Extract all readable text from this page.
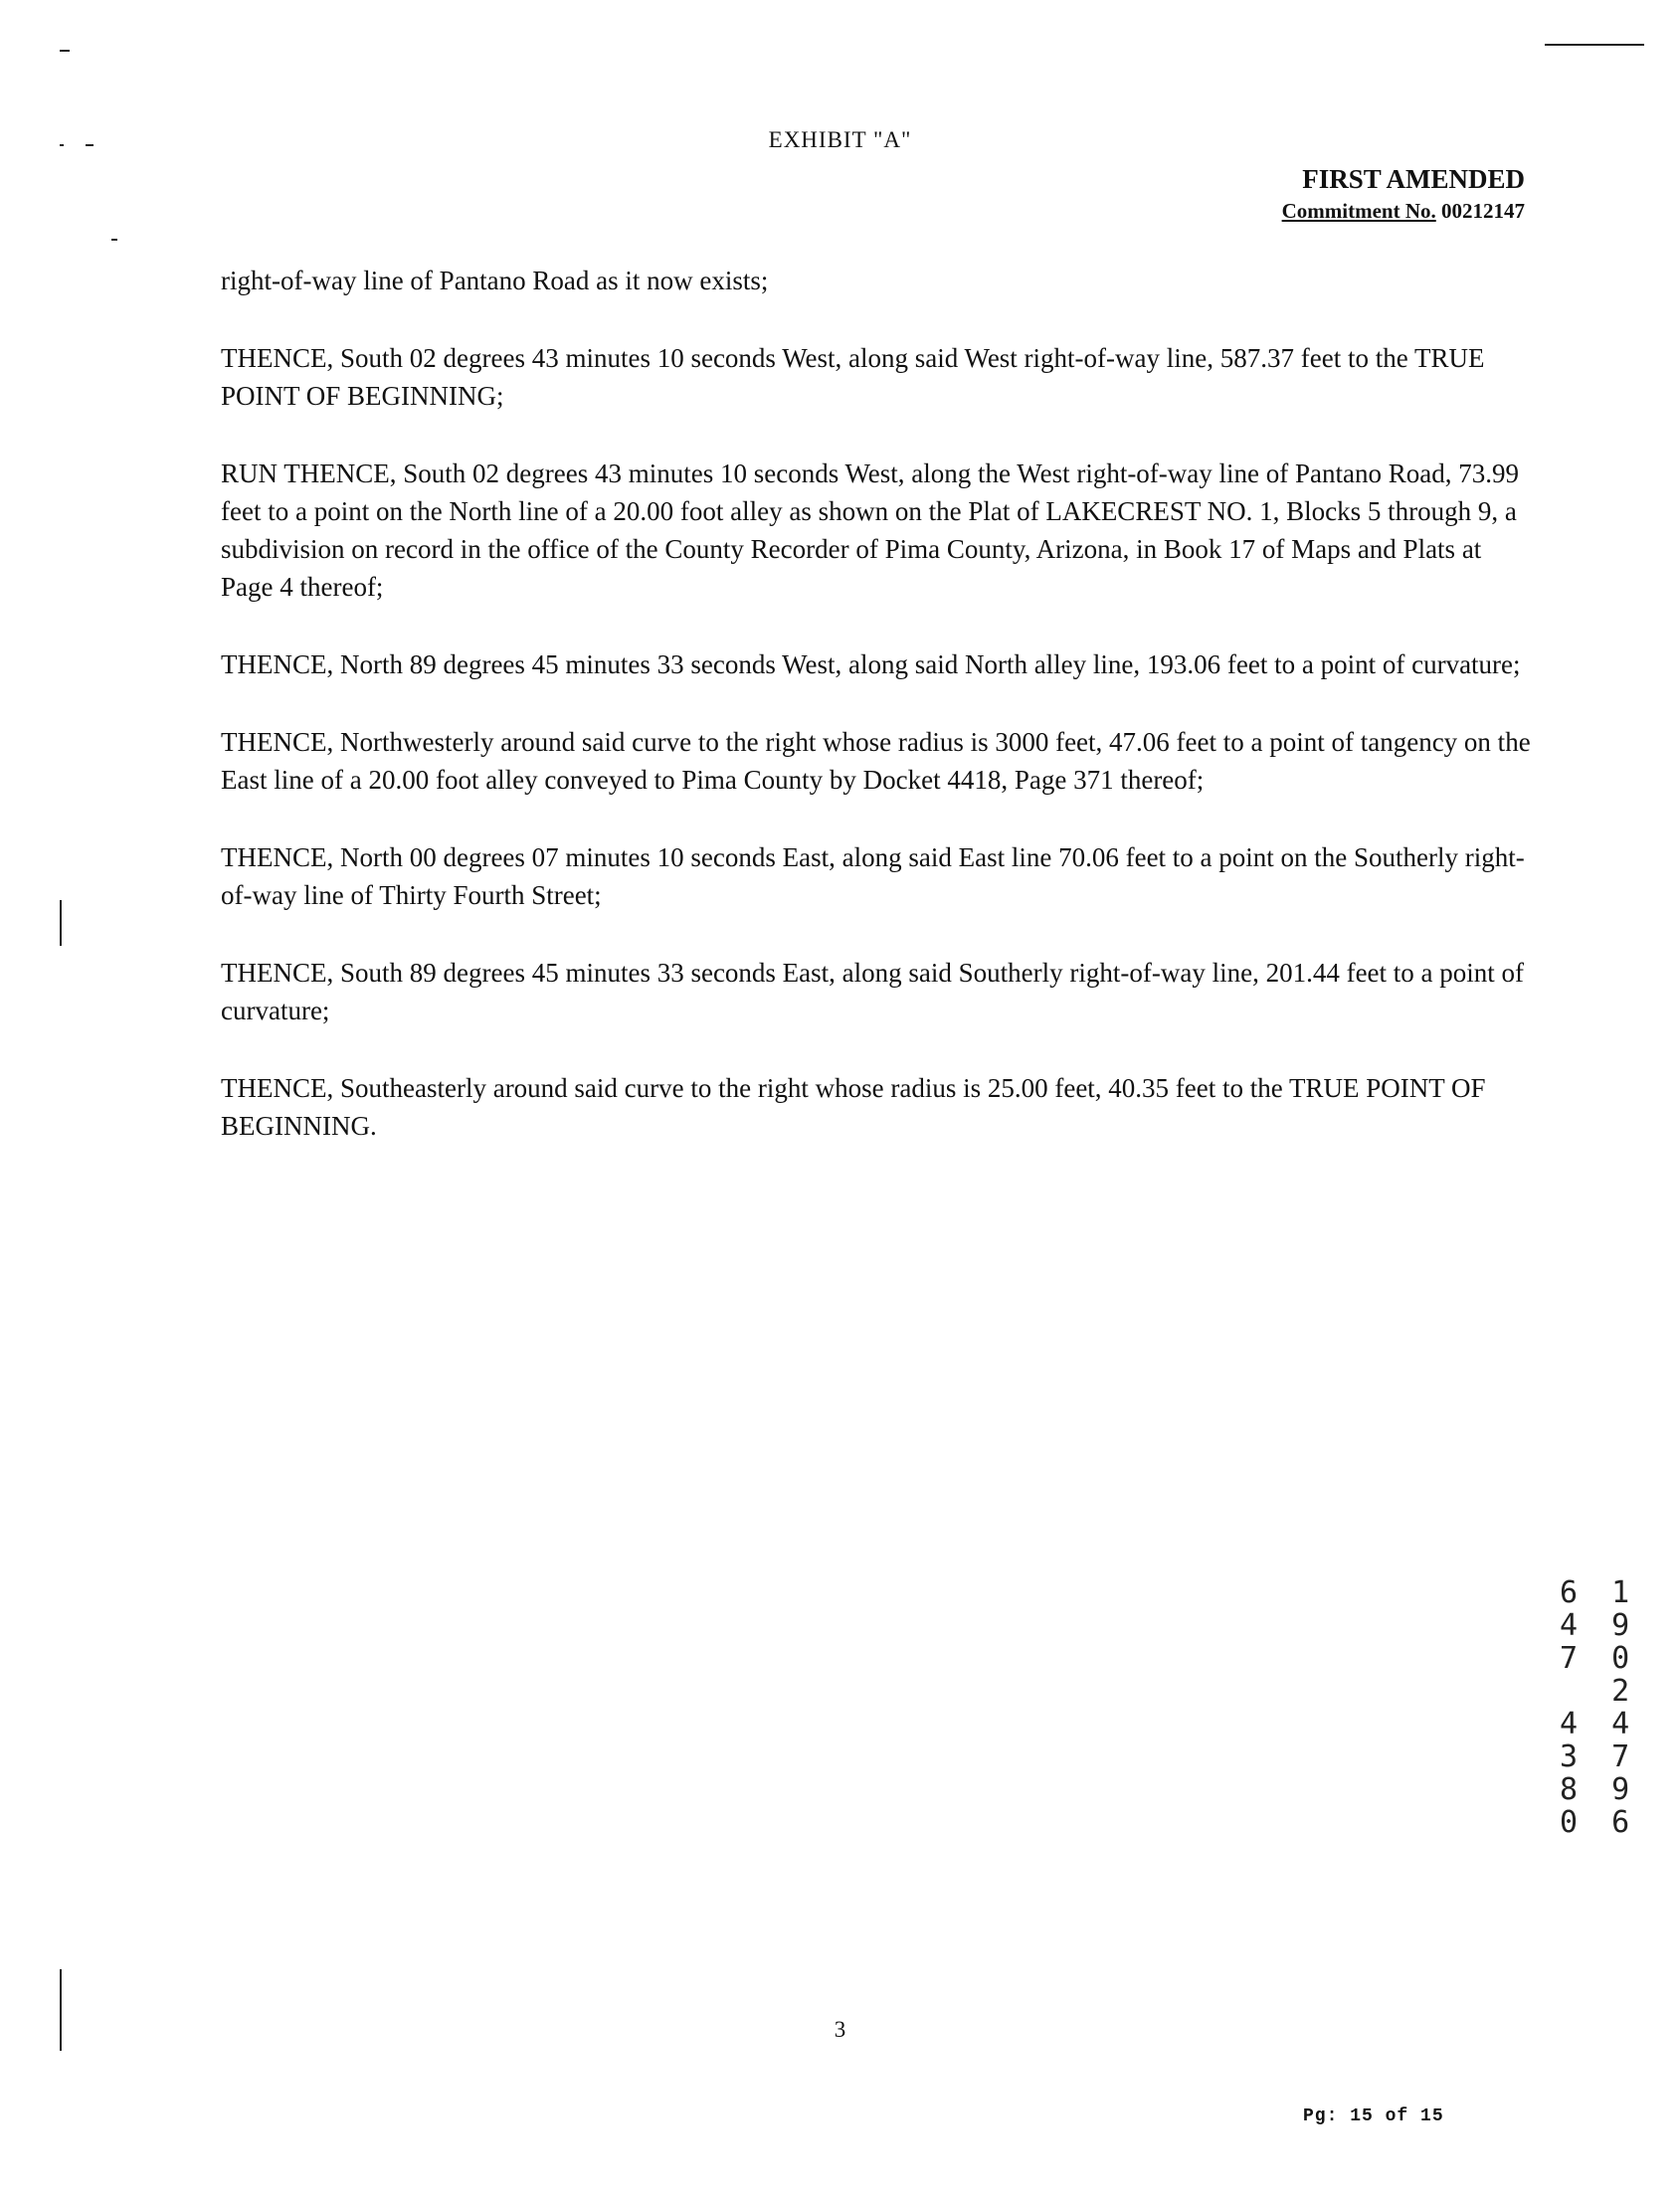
EXHIBIT "A"
FIRST AMENDED
Commitment No. 00212147

right-of-way line of Pantano Road as it now exists;

THENCE, South 02 degrees 43 minutes 10 seconds West, along said West right-of-way line, 587.37 feet to the TRUE POINT OF BEGINNING;

RUN THENCE, South 02 degrees 43 minutes 10 seconds West, along the West right-of-way line of Pantano Road, 73.99 feet to a point on the North line of a 20.00 foot alley as shown on the Plat of LAKECREST NO. 1, Blocks 5 through 9, a subdivision on record in the office of the County Recorder of Pima County, Arizona, in Book 17 of Maps and Plats at Page 4 thereof;

THENCE, North 89 degrees 45 minutes 33 seconds West, along said North alley line, 193.06 feet to a point of curvature;

THENCE, Northwesterly around said curve to the right whose radius is 3000 feet, 47.06 feet to a point of tangency on the East line of a 20.00 foot alley conveyed to Pima County by Docket 4418, Page 371 thereof;

THENCE, North 00 degrees 07 minutes 10 seconds East, along said East line 70.06 feet to a point on the Southerly right-of-way line of Thirty Fourth Street;

THENCE, South 89 degrees 45 minutes 33 seconds East, along said Southerly right-of-way line, 201.44 feet to a point of curvature;

THENCE, Southeasterly around said curve to the right whose radius is 25.00 feet, 40.35 feet to the TRUE POINT OF BEGINNING.

6
4
7
4
3
8
0
1
9
0
2
4
7
9
6
3
Pg: 15 of 15
